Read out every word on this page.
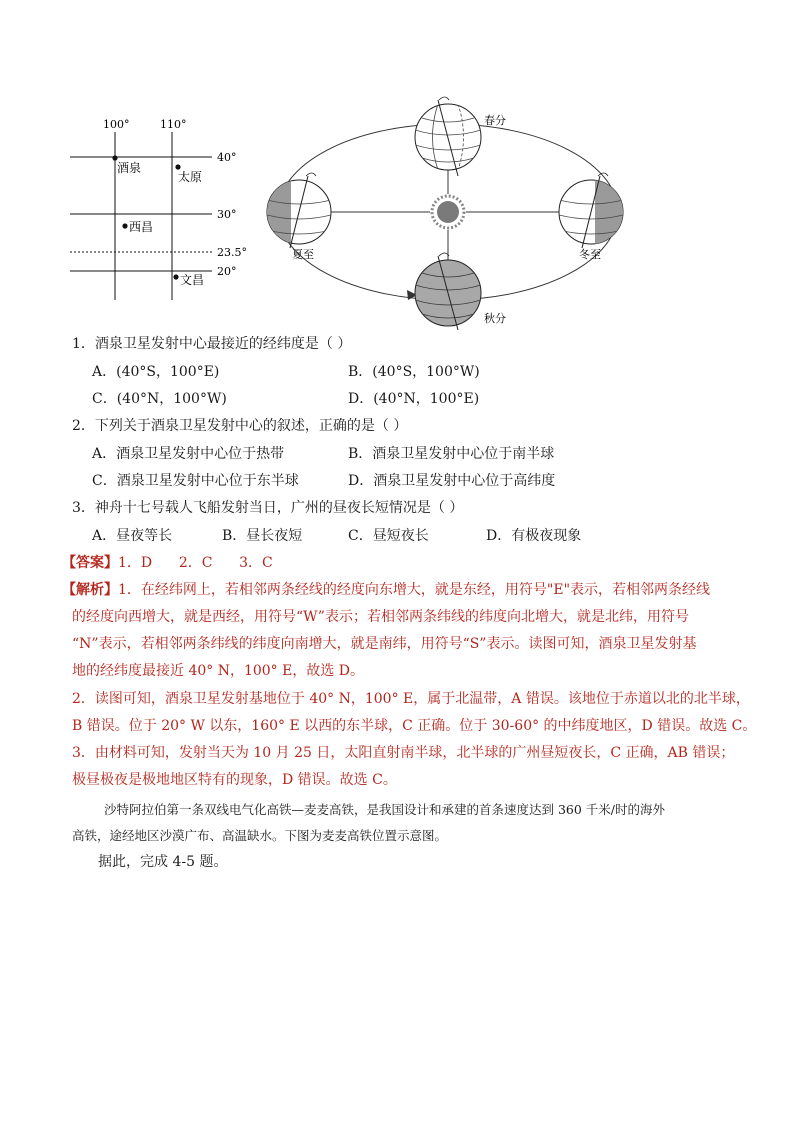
100°	110°
40°
30°
23.5°
20°
酒泉
太原
西昌
文昌
春分
夏至	冬至
秋分
1．酒泉卫星发射中心最接近的经纬度是（ ）
A．(40°S，100°E)	B．(40°S，100°W)
C．(40°N，100°W)	D．(40°N，100°E)
2．下列关于酒泉卫星发射中心的叙述，正确的是（ ）
A．酒泉卫星发射中心位于热带	B．酒泉卫星发射中心位于南半球
C．酒泉卫星发射中心位于东半球	D．酒泉卫星发射中心位于高纬度
3．神舟十七号载人飞船发射当日，广州的昼夜长短情况是（ ）
A．昼夜等长	B．昼长夜短	C．昼短夜长	D．有极夜现象
【答案】1．D      2．C      3．C
【解析】1．在经纬网上，若相邻两条经线的经度向东增大，就是东经，用符号"E"表示，若相邻两条经线
的经度向西增大，就是西经，用符号“W”表示；若相邻两条纬线的纬度向北增大，就是北纬，用符号
“N”表示，若相邻两条纬线的纬度向南增大，就是南纬，用符号“S”表示。读图可知，酒泉卫星发射基
地的经纬度最接近 40° N，100° E，故选 D。
2．读图可知，酒泉卫星发射基地位于 40° N，100° E，属于北温带，A 错误。该地位于赤道以北的北半球，
B 错误。位于 20° W 以东，160° E 以西的东半球，C 正确。位于 30-60° 的中纬度地区，D 错误。故选 C。
3．由材料可知，发射当天为 10 月 25 日，太阳直射南半球，北半球的广州昼短夜长，C 正确，AB 错误；
极昼极夜是极地地区特有的现象，D 错误。故选 C。
沙特阿拉伯第一条双线电气化高铁—麦麦高铁，是我国设计和承建的首条速度达到 360 千米/时的海外
高铁，途经地区沙漠广布、高温缺水。下图为麦麦高铁位置示意图。
据此，完成 4-5 题。
